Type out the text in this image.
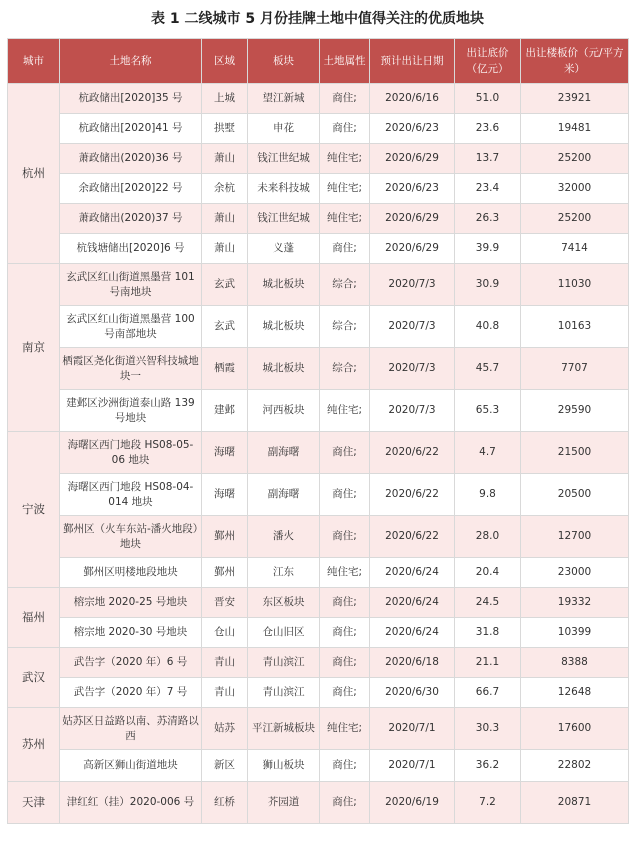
表 1 二线城市 5 月份挂牌土地中值得关注的优质地块
城市	土地名称	区域	板块	土地属性	预计出让日期	出让底价（亿元）	出让楼板价（元/平方米）
杭州	杭政储出[2020]35 号	上城	望江新城	商住;	2020/6/16	51.0	23921
	杭政储出[2020]41 号	拱墅	申花	商住;	2020/6/23	23.6	19481
	萧政储出(2020)36 号	萧山	钱江世纪城	纯住宅;	2020/6/29	13.7	25200
	余政储出[2020]22 号	余杭	未来科技城	纯住宅;	2020/6/23	23.4	32000
	萧政储出(2020)37 号	萧山	钱江世纪城	纯住宅;	2020/6/29	26.3	25200
	杭钱塘储出[2020]6 号	萧山	义蓬	商住;	2020/6/29	39.9	7414
南京	玄武区红山街道黑墨营 101 号南地块	玄武	城北板块	综合;	2020/7/3	30.9	11030
	玄武区红山街道黑墨营 100 号南部地块	玄武	城北板块	综合;	2020/7/3	40.8	10163
	栖霞区尧化街道兴智科技城地块一	栖霞	城北板块	综合;	2020/7/3	45.7	7707
	建邺区沙洲街道泰山路 139 号地块	建邺	河西板块	纯住宅;	2020/7/3	65.3	29590
宁波	海曙区西门地段 HS08-05-06 地块	海曙	副海曙	商住;	2020/6/22	4.7	21500
	海曙区西门地段 HS08-04-014 地块	海曙	副海曙	商住;	2020/6/22	9.8	20500
	鄞州区（火车东站-潘火地段）地块	鄞州	潘火	商住;	2020/6/22	28.0	12700
	鄞州区明楼地段地块	鄞州	江东	纯住宅;	2020/6/24	20.4	23000
福州	榕宗地 2020-25 号地块	晋安	东区板块	商住;	2020/6/24	24.5	19332
	榕宗地 2020-30 号地块	仓山	仓山旧区	商住;	2020/6/24	31.8	10399
武汉	武告字（2020 年）6 号	青山	青山滨江	商住;	2020/6/18	21.1	8388
	武告字（2020 年）7 号	青山	青山滨江	商住;	2020/6/30	66.7	12648
苏州	姑苏区日益路以南、苏清路以西	姑苏	平江新城板块	纯住宅;	2020/7/1	30.3	17600
	高新区狮山街道地块	新区	狮山板块	商住;	2020/7/1	36.2	22802
天津	津红红（挂）2020-006 号	红桥	芥园道	商住;	2020/6/19	7.2	20871
